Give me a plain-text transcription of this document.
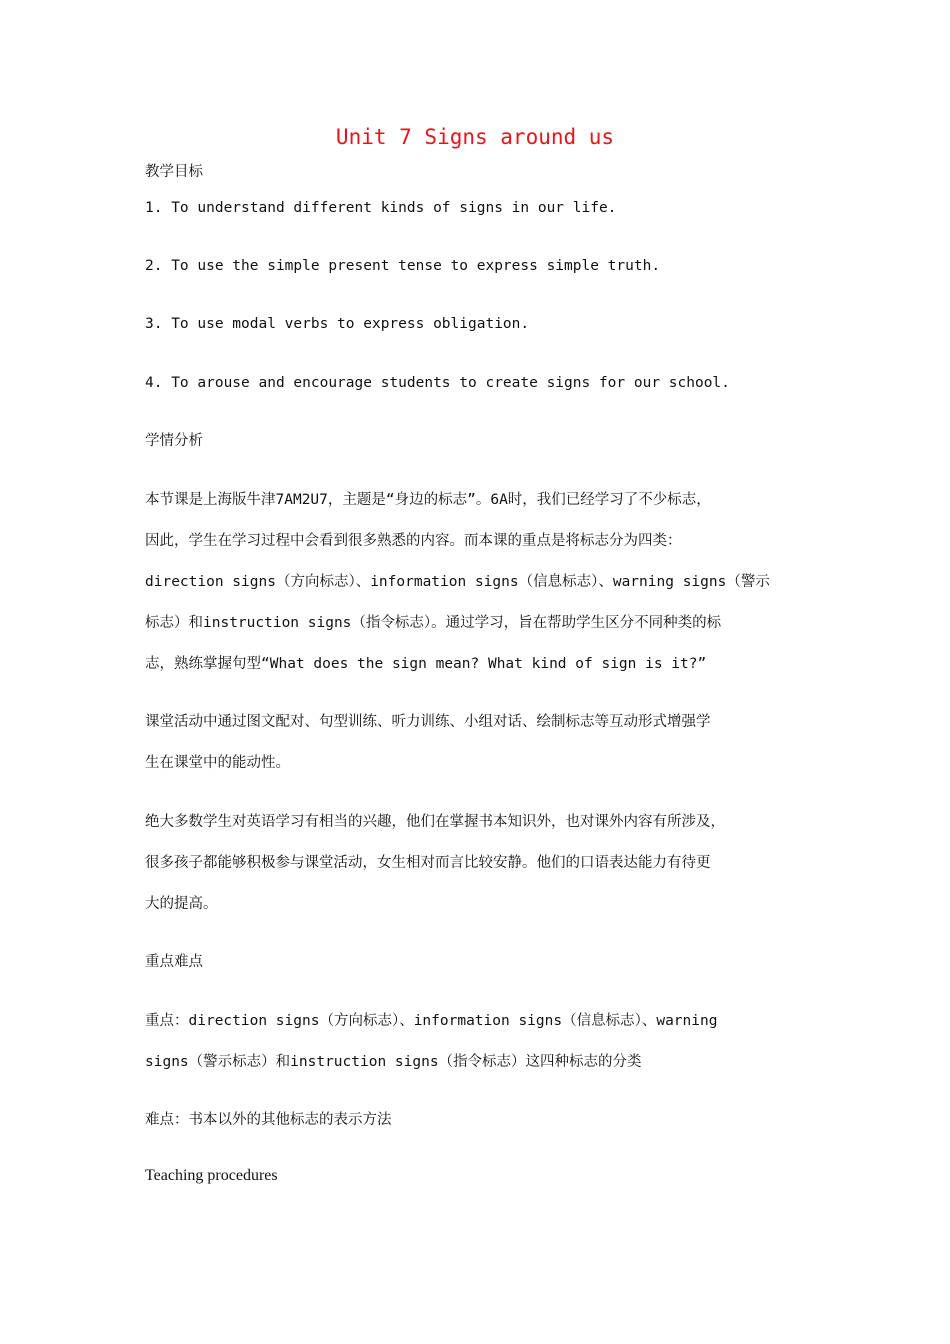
Unit 7 Signs around us
教学目标
1. To understand different kinds of signs in our life.
2. To use the simple present tense to express simple truth.
3. To use modal verbs to express obligation.
4. To arouse and encourage students to create signs for our school.
学情分析
本节课是上海版牛津7AM2U7，主题是“身边的标志”。6A时，我们已经学习了不少标志，
因此，学生在学习过程中会看到很多熟悉的内容。而本课的重点是将标志分为四类：
direction signs（方向标志）、information signs（信息标志）、warning signs（警示
标志）和instruction signs（指令标志）。通过学习，旨在帮助学生区分不同种类的标
志，熟练掌握句型“What does the sign mean? What kind of sign is it?”
课堂活动中通过图文配对、句型训练、听力训练、小组对话、绘制标志等互动形式增强学
生在课堂中的能动性。
绝大多数学生对英语学习有相当的兴趣，他们在掌握书本知识外，也对课外内容有所涉及，
很多孩子都能够积极参与课堂活动，女生相对而言比较安静。他们的口语表达能力有待更
大的提高。
重点难点
重点：direction signs（方向标志）、information signs（信息标志）、warning
signs（警示标志）和instruction signs（指令标志）这四种标志的分类
难点：书本以外的其他标志的表示方法
Teaching procedures
